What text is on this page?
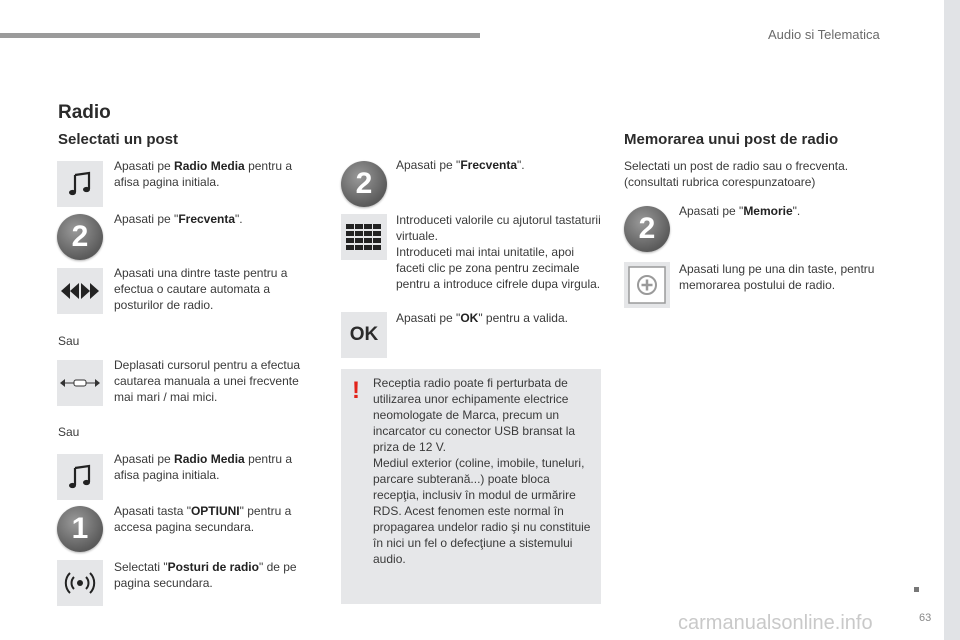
Audio si Telematica
Radio
Selectati un post
Apasati pe Radio Media pentru a afisa pagina initiala.
2
Apasati pe "Frecventa".
Apasati una dintre taste pentru a efectua o cautare automata a posturilor de radio.
Sau
Deplasati cursorul pentru a efectua cautarea manuala a unei frecvente mai mari / mai mici.
Sau
Apasati pe Radio Media pentru a afisa pagina initiala.
1
Apasati tasta "OPTIUNI" pentru a accesa pagina secundara.
Selectati "Posturi de radio" de pe pagina secundara.
2
Apasati pe "Frecventa".
Introduceti valorile cu ajutorul tastaturii virtuale.
Introduceti mai intai unitatile, apoi faceti clic pe zona pentru zecimale pentru a introduce cifrele dupa virgula.
OK
Apasati pe "OK" pentru a valida.
! Receptia radio poate fi perturbata de utilizarea unor echipamente electrice neomologate de Marca, precum un incarcator cu conector USB bransat la priza de 12 V.
Mediul exterior (coline, imobile, tuneluri, parcare subterană...) poate bloca recepţia, inclusiv în modul de urmărire RDS. Acest fenomen este normal în propagarea undelor radio şi nu constituie în nici un fel o defecţiune a sistemului audio.
Memorarea unui post de radio
Selectati un post de radio sau o frecventa.
(consultati rubrica corespunzatoare)
2
Apasati pe "Memorie".
Apasati lung pe una din taste, pentru memorarea postului de radio.
carmanualsonline.info	63
